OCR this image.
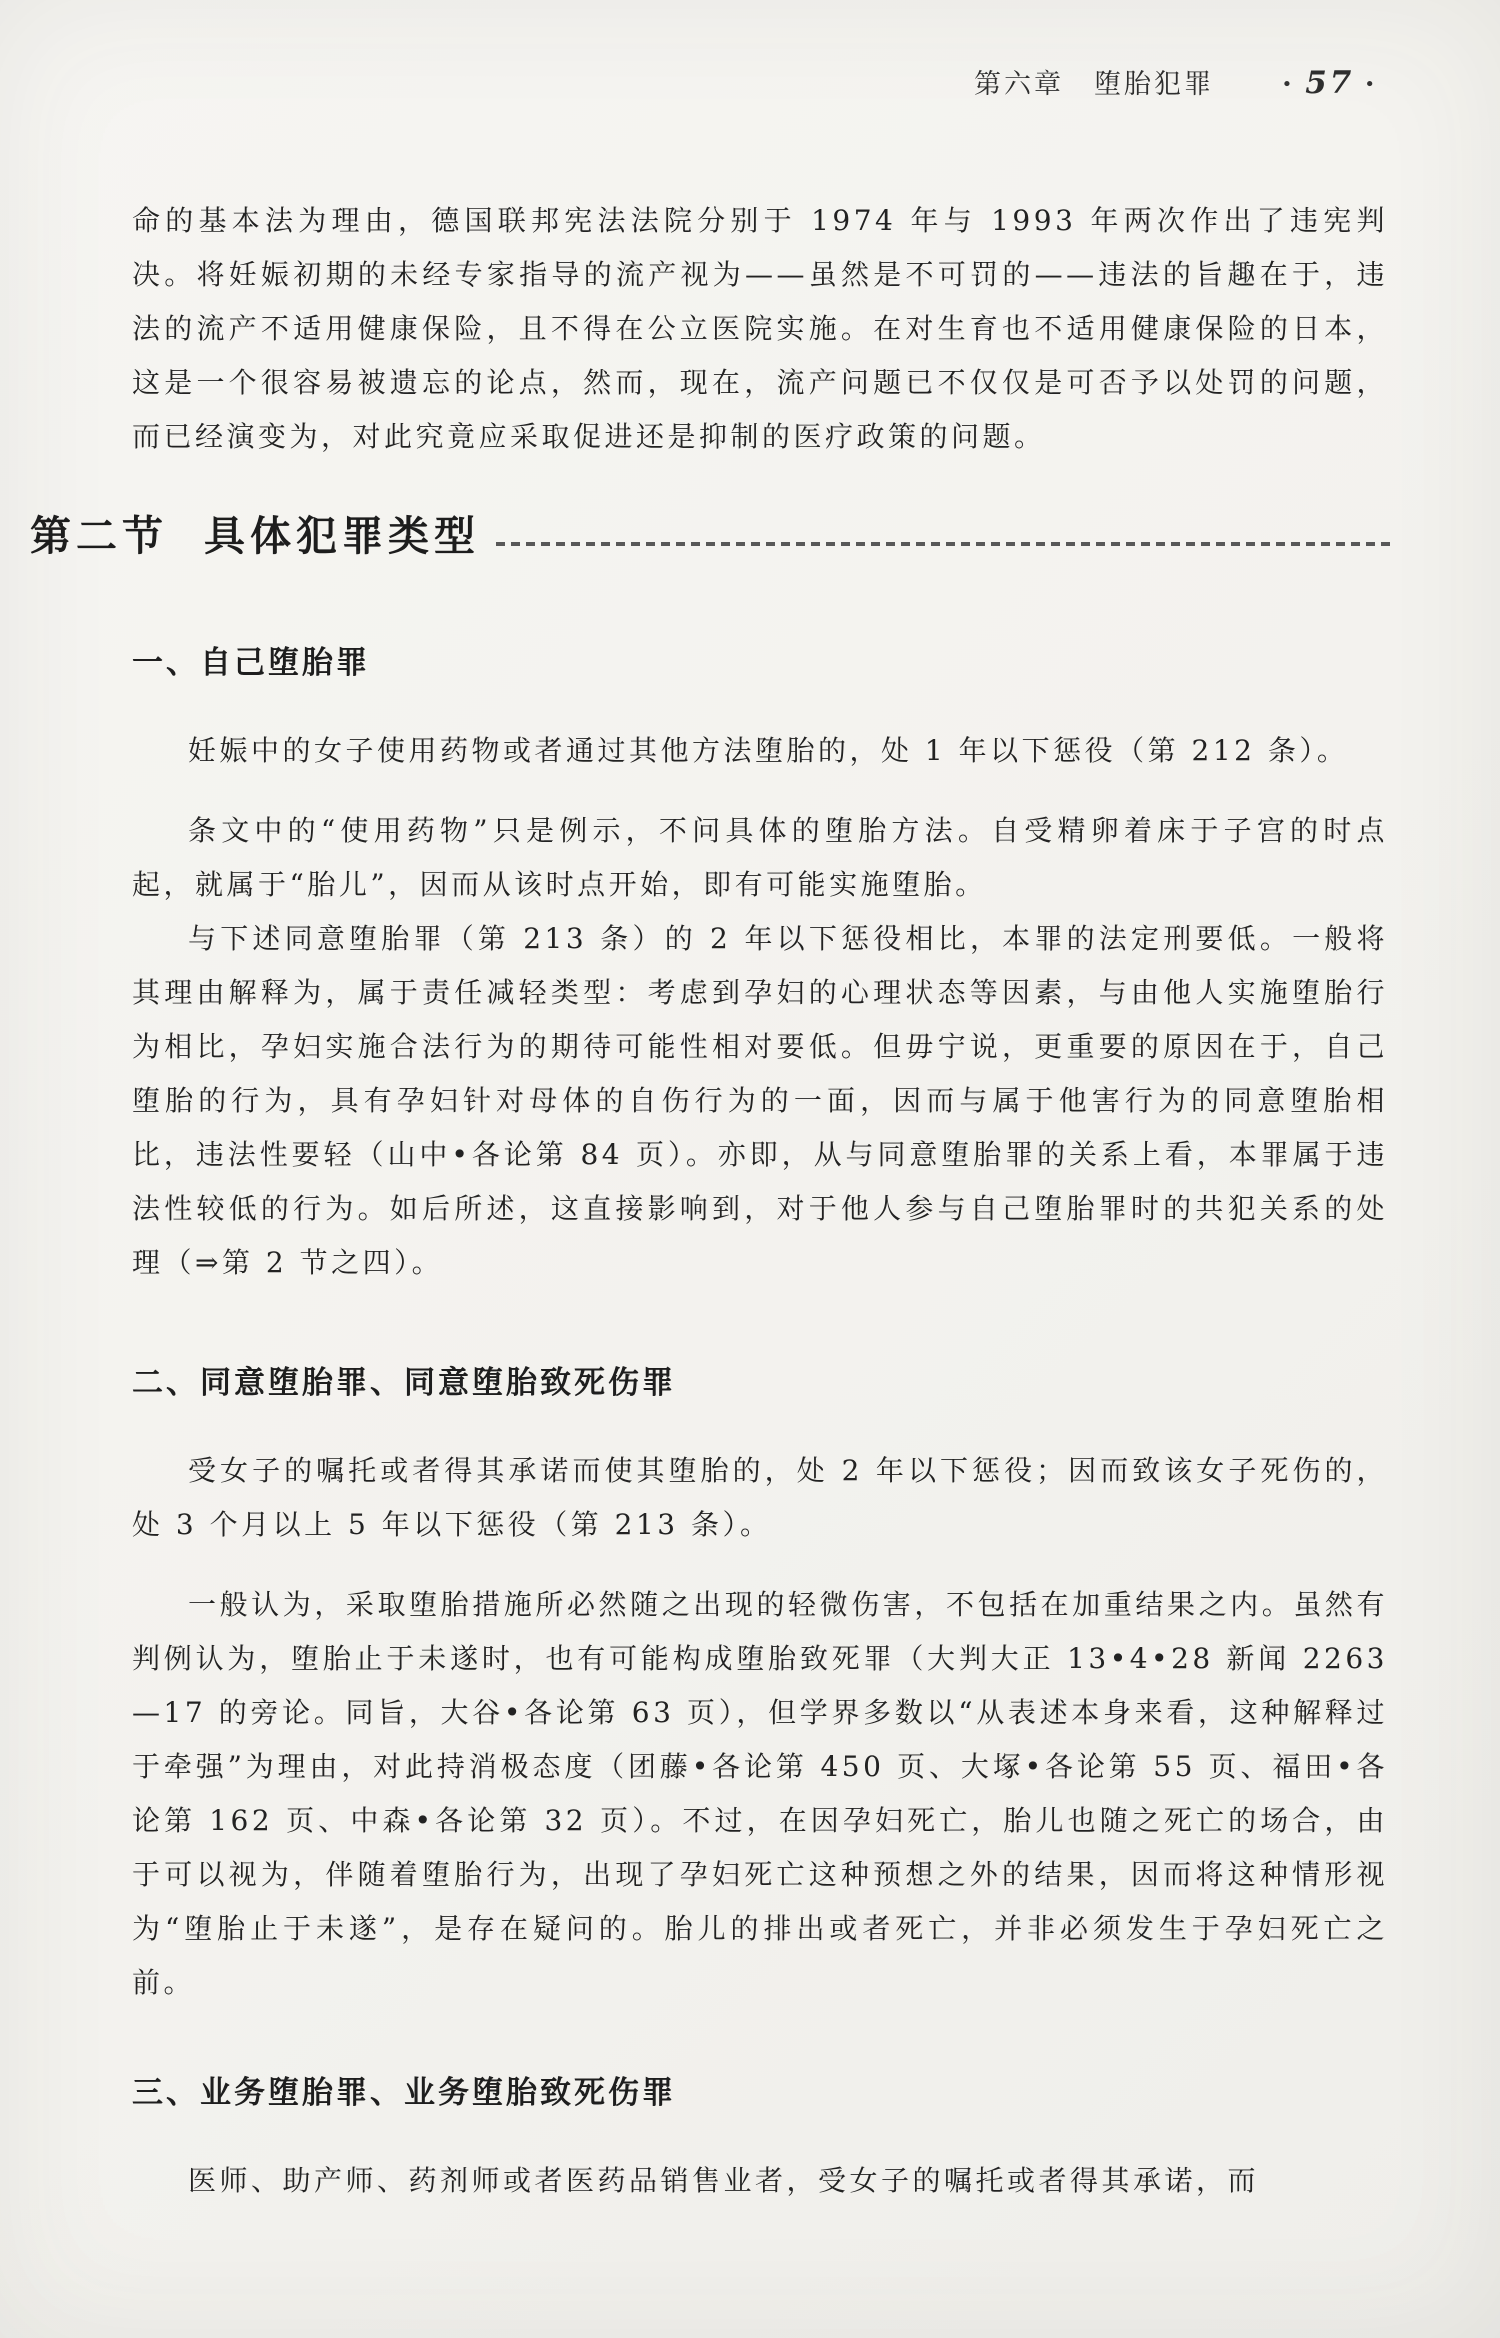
第六章　堕胎犯罪	• 57 •

命的基本法为理由，德国联邦宪法法院分别于 1974 年与 1993 年两次作出了违宪判决。将妊娠初期的未经专家指导的流产视为——虽然是不可罚的——违法的旨趣在于，违法的流产不适用健康保险，且不得在公立医院实施。在对生育也不适用健康保险的日本，这是一个很容易被遗忘的论点，然而，现在，流产问题已不仅仅是可否予以处罚的问题，而已经演变为，对此究竟应采取促进还是抑制的医疗政策的问题。

第二节 具体犯罪类型
一、自己堕胎罪

妊娠中的女子使用药物或者通过其他方法堕胎的，处 1 年以下惩役（第 212 条）。

条文中的“使用药物”只是例示，不问具体的堕胎方法。自受精卵着床于子宫的时点起，就属于“胎儿”，因而从该时点开始，即有可能实施堕胎。

与下述同意堕胎罪（第 213 条）的 2 年以下惩役相比，本罪的法定刑要低。一般将其理由解释为，属于责任减轻类型：考虑到孕妇的心理状态等因素，与由他人实施堕胎行为相比，孕妇实施合法行为的期待可能性相对要低。但毋宁说，更重要的原因在于，自己堕胎的行为，具有孕妇针对母体的自伤行为的一面，因而与属于他害行为的同意堕胎相比，违法性要轻（山中•各论第 84 页）。亦即，从与同意堕胎罪的关系上看，本罪属于违法性较低的行为。如后所述，这直接影响到，对于他人参与自己堕胎罪时的共犯关系的处理（⇒第 2 节之四）。

二、同意堕胎罪、同意堕胎致死伤罪

受女子的嘱托或者得其承诺而使其堕胎的，处 2 年以下惩役；因而致该女子死伤的，处 3 个月以上 5 年以下惩役（第 213 条）。

一般认为，采取堕胎措施所必然随之出现的轻微伤害，不包括在加重结果之内。虽然有判例认为，堕胎止于未遂时，也有可能构成堕胎致死罪（大判大正 13•4•28 新闻 2263—17 的旁论。同旨，大谷•各论第 63 页），但学界多数以“从表述本身来看，这种解释过于牵强”为理由，对此持消极态度（团藤•各论第 450 页、大塚•各论第 55 页、福田•各论第 162 页、中森•各论第 32 页）。不过，在因孕妇死亡，胎儿也随之死亡的场合，由于可以视为，伴随着堕胎行为，出现了孕妇死亡这种预想之外的结果，因而将这种情形视为“堕胎止于未遂”，是存在疑问的。胎儿的排出或者死亡，并非必须发生于孕妇死亡之前。

三、业务堕胎罪、业务堕胎致死伤罪

医师、助产师、药剂师或者医药品销售业者，受女子的嘱托或者得其承诺，而
